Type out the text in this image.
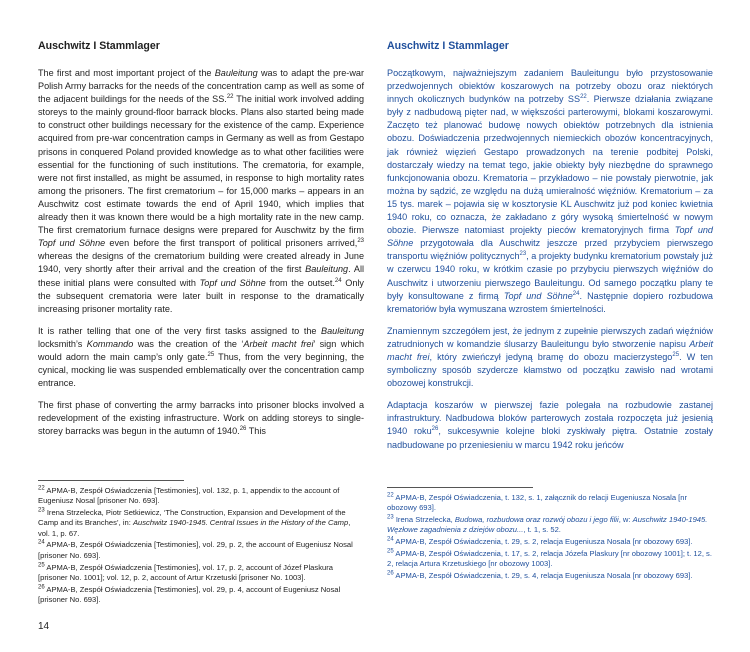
Auschwitz I Stammlager

The first and most important project of the Bauleitung was to adapt the pre-war Polish Army barracks for the needs of the concentration camp as well as some of the adjacent buildings for the needs of the SS.$^{22}$ The initial work involved adding storeys to the mainly ground-floor barrack blocks. Plans also started being made to construct other buildings necessary for the existence of the camp. Experience acquired from pre-war concentration camps in Germany as well as from Gestapo prisons in conquered Poland provided knowledge as to what other facilities were essential for the functioning of such institutions. The crematoria, for example, were not first installed, as might be assumed, in response to high mortality rates among the prisoners. The first crematorium – for 15,000 marks – appears in an Auschwitz cost estimate towards the end of April 1940, which implies that already then it was known there would be a high mortality rate in the new camp. The first crematorium furnace designs were prepared for Auschwitz by the firm Topf und Söhne even before the first transport of political prisoners arrived,$^{23}$ whereas the designs of the crematorium building were created already in June 1940, very shortly after their arrival and the creation of the first Bauleitung. All these initial plans were consulted with Topf und Söhne from the outset.$^{24}$ Only the subsequent crematoria were later built in response to the dramatically increasing prisoner mortality rate.

It is rather telling that one of the very first tasks assigned to the Bauleitung locksmith’s Kommando was the creation of the ‘Arbeit macht frei’ sign which would adorn the main camp’s only gate.$^{25}$ Thus, from the very beginning, the cynical, mocking lie was suspended emblematically over the concentration camp entrance.

The first phase of converting the army barracks into prisoner blocks involved a redevelopment of the existing infrastructure. Work on adding storeys to single-storey barracks was begun in the autumn of 1940.26 This

$^{22}$ APMA-B, Zespół Oświadczenia [Testimonies], vol. 132, p. 1, appendix to the account of Eugeniusz Nosal [prisoner No. 693].

$^{23}$ Irena Strzelecka, Piotr Setkiewicz, ‘The Construction, Expansion and Development of the Camp and its Branches’, in: Auschwitz 1940-1945. Central Issues in the History of the Camp, vol. 1, p. 67.

$^{24}$ APMA-B, Zespół Oświadczenia [Testimonies], vol. 29, p. 2, the account of Eugeniusz Nosal [prisoner No. 693].

$^{25}$ APMA-B, Zespół Oświadczenia [Testimonies], vol. 17, p. 2, account of Józef Plaskura [prisoner No. 1001]; vol. 12, p. 2, account of Artur Krzetuski [prisoner No. 1003].

$^{26}$ APMA-B, Zespół Oświadczenia [Testimonies], vol. 29, p. 4, account of Eugeniusz Nosal [prisoner No. 693].

Auschwitz I Stammlager

Początkowym, najważniejszym zadaniem Bauleitungu było przystosowanie przedwojennych obiektów koszarowych na potrzeby obozu oraz niektórych innych okolicznych budynków na potrzeby SS$^{22}$. Pierwsze działania związane były z nadbudową pięter nad, w większości parterowymi, blokami koszarowymi. Zaczęto też planować budowę nowych obiektów potrzebnych dla istnienia obozu. Doświadczenia przedwojennych niemieckich obozów koncentracyjnych, jak również więzień Gestapo prowadzonych na terenie podbitej Polski, dostarczały wiedzy na temat tego, jakie obiekty były niezbędne do sprawnego funkcjonowania obozu. Krematoria – przykładowo – nie powstały pierwotnie, jak można by sądzić, ze względu na dużą umieralność więźniów. Krematorium – za 15 tys. marek – pojawia się w kosztorysie KL Auschwitz już pod koniec kwietnia 1940 roku, co oznacza, że zakładano z góry wysoką śmiertelność w nowym obozie. Pierwsze natomiast projekty pieców krematoryjnych firma Topf und Söhne przygotowała dla Auschwitz jeszcze przed przybyciem pierwszego transportu więźniów politycznych$^{23}$, a projekty budynku krematorium powstały już w czerwcu 1940 roku, w krótkim czasie po przybyciu pierwszych więźniów do Auschwitz i utworzeniu pierwszego Bauleitungu. Od samego początku plany te były konsultowane z firmą Topf und Söhne$^{24}$. Następnie dopiero rozbudowa krematoriów była wymuszana wzrostem śmiertelności.

Znamiennym szczegółem jest, że jednym z zupełnie pierwszych zadań więźniów zatrudnionych w komandzie ślusarzy Bauleitungu było stworzenie napisu Arbeit macht frei, który zwieńczył jedyną bramę do obozu macierzystego$^{25}$. W ten symboliczny sposób szyderczе kłamstwo od początku zawisło nad wrotami obozowej konstrukcji.

Adaptacja koszarów w pierwszej fazie polegała na rozbudowie zastanej infrastruktury. Nadbudowa bloków parterowych została rozpoczęta już jesienią 1940 roku$^{26}$, sukcesywnie kolejne bloki zyskiwały piętra. Ostatnie zostały nadbudowane po przeniesieniu w marcu 1942 roku jeńców

$^{22}$ APMA-B, Zespół Oświadczenia, t. 132, s. 1, załącznik do relacji Eugeniusza Nosala [nr obozowy 693].

$^{23}$ Irena Strzelecka, Budowa, rozbudowa oraz rozwój obozu i jego filii, w: Auschwitz 1940-1945. Węzłowe zagadnienia z dziejów obozu..., t. 1, s. 52.

$^{24}$ APMA-B, Zespół Oświadczenia, t. 29, s. 2, relacja Eugeniusza Nosala [nr obozowy 693].

$^{25}$ APMA-B, Zespół Oświadczenia, t. 17, s. 2, relacja Józefa Plaskury [nr obozowy 1001]; t. 12, s. 2, relacja Artura Krzetuskiego [nr obozowy 1003].

$^{26}$ APMA-B, Zespół Oświadczenia, t. 29, s. 4, relacja Eugeniusza Nosala [nr obozowy 693].

14
